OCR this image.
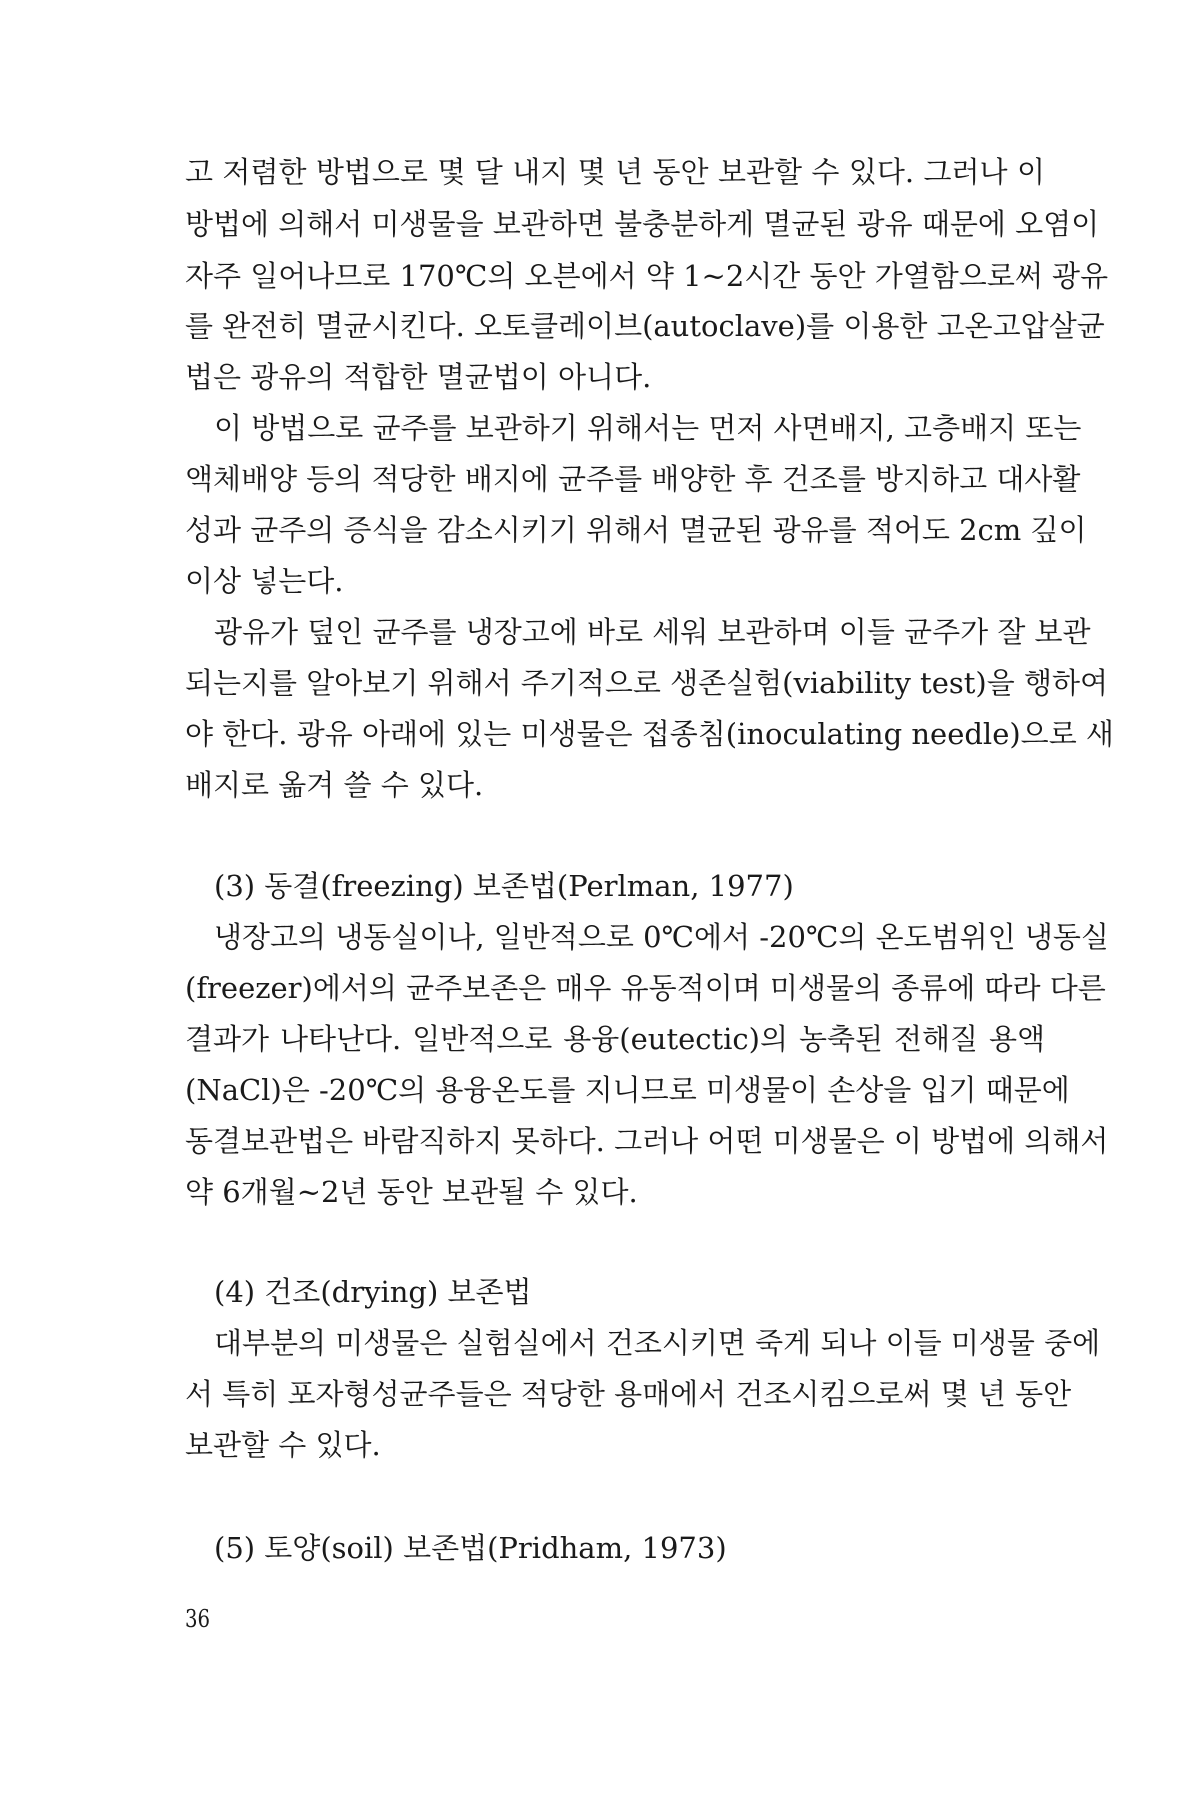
고 저렴한 방법으로 몇 달 내지 몇 년 동안 보관할 수 있다. 그러나 이
방법에 의해서 미생물을 보관하면 불충분하게 멸균된 광유 때문에 오염이
자주 일어나므로 170℃의 오븐에서 약 1~2시간 동안 가열함으로써 광유
를 완전히 멸균시킨다. 오토클레이브(autoclave)를 이용한 고온고압살균
법은 광유의 적합한 멸균법이 아니다.
이 방법으로 균주를 보관하기 위해서는 먼저 사면배지, 고층배지 또는
액체배양 등의 적당한 배지에 균주를 배양한 후 건조를 방지하고 대사활
성과 균주의 증식을 감소시키기 위해서 멸균된 광유를 적어도 2cm 깊이
이상 넣는다.
광유가 덮인 균주를 냉장고에 바로 세워 보관하며 이들 균주가 잘 보관
되는지를 알아보기 위해서 주기적으로 생존실험(viability test)을 행하여
야 한다. 광유 아래에 있는 미생물은 접종침(inoculating needle)으로 새
배지로 옮겨 쓸 수 있다.
(3) 동결(freezing) 보존법(Perlman, 1977)
냉장고의 냉동실이나, 일반적으로 0℃에서 -20℃의 온도범위인 냉동실
(freezer)에서의 균주보존은 매우 유동적이며 미생물의 종류에 따라 다른
결과가 나타난다. 일반적으로 용융(eutectic)의 농축된 전해질 용액
(NaCl)은 -20℃의 용융온도를 지니므로 미생물이 손상을 입기 때문에
동결보관법은 바람직하지 못하다. 그러나 어떤 미생물은 이 방법에 의해서
약 6개월~2년 동안 보관될 수 있다.
(4) 건조(drying) 보존법
대부분의 미생물은 실험실에서 건조시키면 죽게 되나 이들 미생물 중에
서 특히 포자형성균주들은 적당한 용매에서 건조시킴으로써 몇 년 동안
보관할 수 있다.
(5) 토양(soil) 보존법(Pridham, 1973)
36
